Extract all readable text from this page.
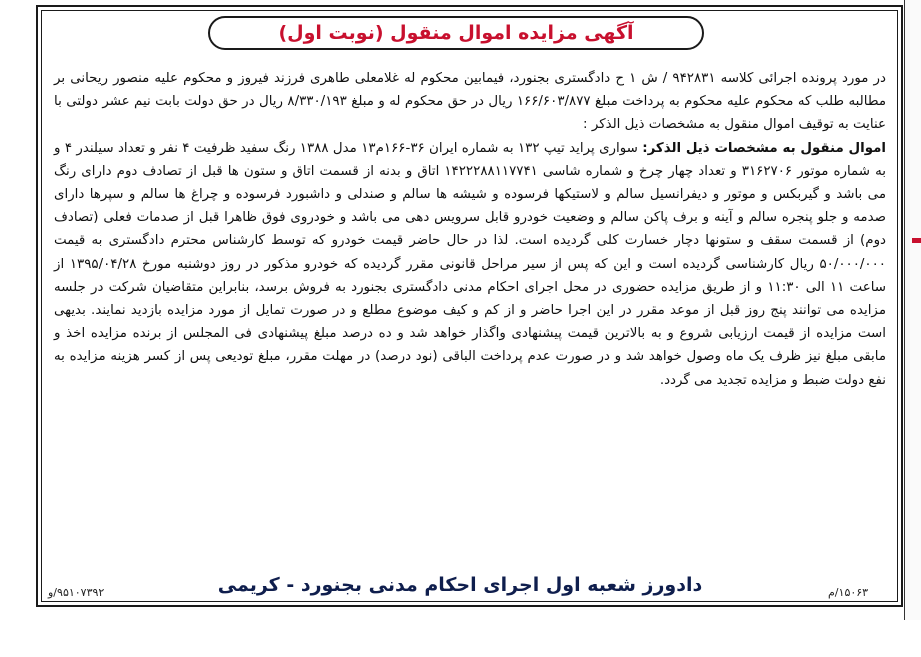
آگهی مزایده اموال منقول (نوبت اول)

در مورد پرونده اجرائی کلاسه ۹۴۲۸۳۱ / ش ۱ ح دادگستری بجنورد، فیمابین محکوم له غلامعلی طاهری فرزند فیروز و محکوم علیه منصور ریحانی بر مطالبه طلب که محکوم علیه محکوم به پرداخت مبلغ ۱۶۶/۶۰۳/۸۷۷ ریال در حق محکوم له و مبلغ ۸/۳۳۰/۱۹۳ ریال در حق دولت بابت نیم عشر دولتی با عنایت به توقیف اموال منقول به مشخصات ذیل الذکر :

اموال منقول به مشخصات ذیل الذکر: سواری پراید تیپ ۱۳۲ به شماره ایران ۳۶-۱۶۶م۱۳ مدل ۱۳۸۸ رنگ سفید ظرفیت ۴ نفر و تعداد سیلندر ۴ و به شماره موتور ۳۱۶۲۷۰۶ و تعداد چهار چرخ و شماره شاسی ۱۴۲۲۲۸۸۱۱۷۷۴۱ اتاق و بدنه از قسمت اتاق و ستون ها قبل از تصادف دوم دارای رنگ می باشد و گیربکس و موتور و دیفرانسیل سالم و لاستیکها فرسوده و شیشه ها سالم و صندلی و داشبورد فرسوده و چراغ ها سالم و سپرها دارای صدمه و جلو پنجره سالم و آینه و برف پاکن سالم و وضعیت خودرو قابل سرویس دهی می باشد و خودروی فوق ظاهرا قبل از صدمات فعلی (تصادف دوم) از قسمت سقف و ستونها دچار خسارت کلی گردیده است. لذا در حال حاضر قیمت خودرو که توسط کارشناس محترم دادگستری به قیمت ۵۰/۰۰۰/۰۰۰ ریال کارشناسی گردیده است و این که پس از سیر مراحل قانونی مقرر گردیده که خودرو مذکور در روز دوشنبه مورخ ۱۳۹۵/۰۴/۲۸ از ساعت ۱۱ الی ۱۱:۳۰ و از طریق مزایده حضوری در محل اجرای احکام مدنی دادگستری بجنورد به فروش برسد، بنابراین متقاضیان شرکت در جلسه مزایده می توانند پنج روز قبل از موعد مقرر در این اجرا حاضر و از کم و کیف موضوع مطلع و در صورت تمایل از مورد مزایده بازدید نمایند. بدیهی است مزایده از قیمت ارزیابی شروع و به بالاترین قیمت پیشنهادی واگذار خواهد شد و ده درصد مبلغ پیشنهادی فی المجلس از برنده مزایده اخذ و مابقی مبلغ نیز ظرف یک ماه وصول خواهد شد و در صورت عدم پرداخت الباقی (نود درصد) در مهلت مقرر، مبلغ تودیعی پس از کسر هزینه مزایده به نفع دولت ضبط و مزایده تجدید می گردد.

۱۵۰۶۳/م
دادورز شعبه اول اجرای احکام مدنی بجنورد - کریمی
۹۵۱۰۷۳۹۲/و
